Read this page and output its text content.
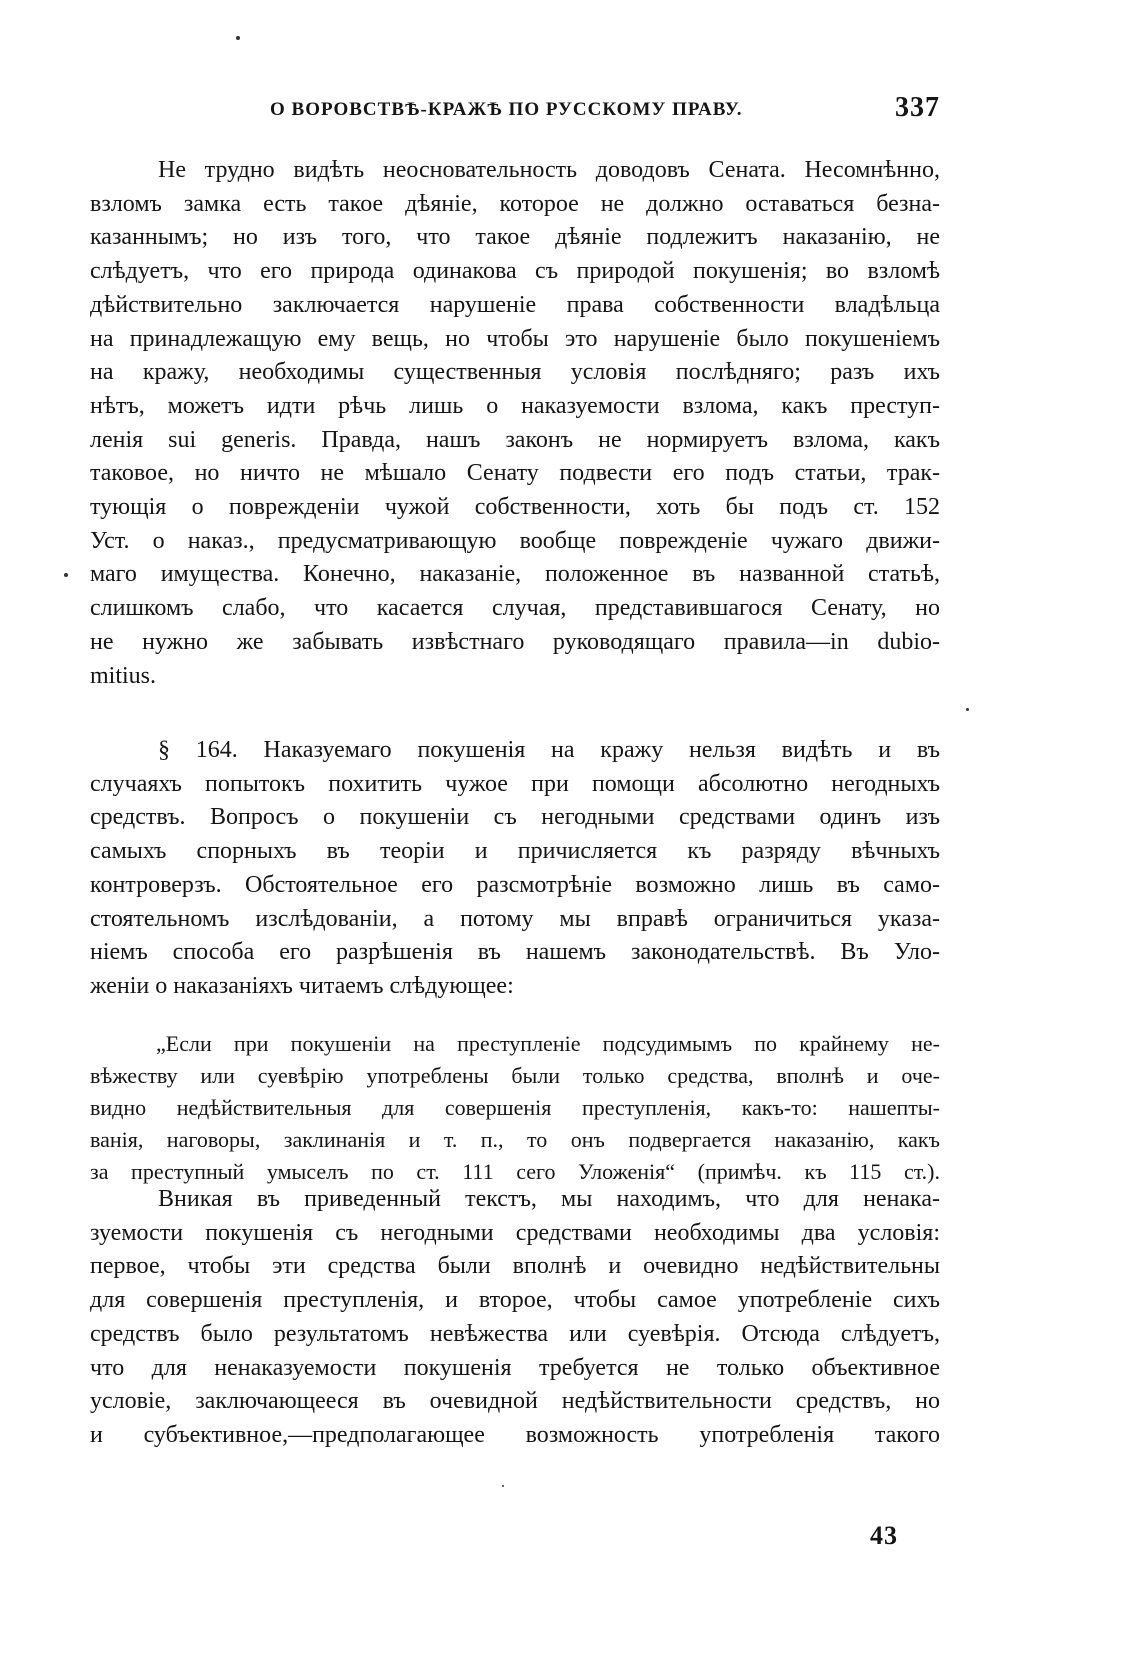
О ВОРОВСТВѢ-КРАЖѢ ПО РУССКОМУ ПРАВУ.	337
Не трудно видѣть неосновательность доводовъ Сената. Несомнѣнно,
взломъ замка есть такое дѣяніе, которое не должно оставаться безна-
казаннымъ; но изъ того, что такое дѣяніе подлежитъ наказанію, не
слѣдуетъ, что его природа одинакова съ природой покушенія; во взломѣ
дѣйствительно заключается нарушеніе права собственности владѣльца
на принадлежащую ему вещь, но чтобы это нарушеніе было покушеніемъ
на кражу, необходимы существенныя условія послѣдняго; разъ ихъ
нѣтъ, можетъ идти рѣчь лишь о наказуемости взлома, какъ преступ-
ленія sui generis. Правда, нашъ законъ не нормируетъ взлома, какъ
таковое, но ничто не мѣшало Сенату подвести его подъ статьи, трак-
тующія о поврежденіи чужой собственности, хоть бы подъ ст. 152
Уст. о наказ., предусматривающую вообще поврежденіе чужаго движи-
маго имущества. Конечно, наказаніе, положенное въ названной статьѣ,
слишкомъ слабо, что касается случая, представившагося Сенату, но
не нужно же забывать извѣстнаго руководящаго правила—in dubio-
mitius.
§ 164. Наказуемаго покушенія на кражу нельзя видѣть и въ
случаяхъ попытокъ похитить чужое при помощи абсолютно негодныхъ
средствъ. Вопросъ о покушеніи съ негодными средствами одинъ изъ
самыхъ спорныхъ въ теоріи и причисляется къ разряду вѣчныхъ
контроверзъ. Обстоятельное его разсмотрѣніе возможно лишь въ само-
стоятельномъ изслѣдованіи, а потому мы вправѣ ограничиться указа-
ніемъ способа его разрѣшенія въ нашемъ законодательствѣ. Въ Уло-
женіи о наказаніяхъ читаемъ слѣдующее:
„Если при покушеніи на преступленіе подсудимымъ по крайнему не-
вѣжеству или суевѣрію употреблены были только средства, вполнѣ и оче-
видно недѣйствительныя для совершенія преступленія, какъ-то: нашепты-
ванія, наговоры, заклинанія и т. п., то онъ подвергается наказанію, какъ
за преступный умыселъ по ст. 111 сего Уложенія“ (примѣч. къ 115 ст.).
Вникая въ приведенный текстъ, мы находимъ, что для ненака-
зуемости покушенія съ негодными средствами необходимы два условія:
первое, чтобы эти средства были вполнѣ и очевидно недѣйствительны
для совершенія преступленія, и второе, чтобы самое употребленіе сихъ
средствъ было результатомъ невѣжества или суевѣрія. Отсюда слѣдуетъ,
что для ненаказуемости покушенія требуется не только объективное
условіе, заключающееся въ очевидной недѣйствительности средствъ, но
и субъективное,—предполагающее возможность употребленія такого
43
